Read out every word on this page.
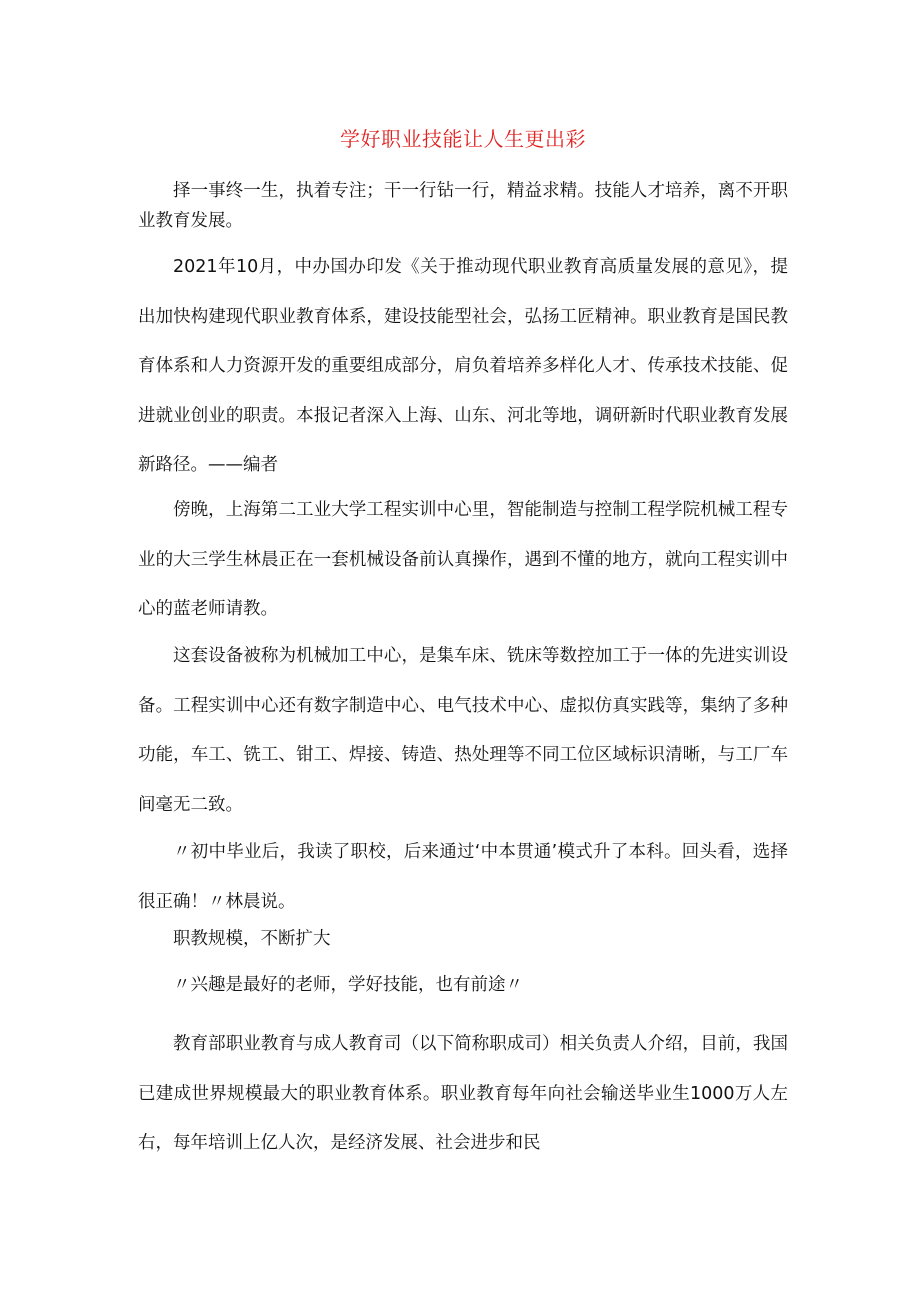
学好职业技能让人生更出彩

择一事终一生，执着专注；干一行钻一行，精益求精。技能人才培养，离不开职业教育发展。

2021年10月，中办国办印发《关于推动现代职业教育高质量发展的意见》，提出加快构建现代职业教育体系，建设技能型社会，弘扬工匠精神。职业教育是国民教育体系和人力资源开发的重要组成部分，肩负着培养多样化人才、传承技术技能、促进就业创业的职责。本报记者深入上海、山东、河北等地，调研新时代职业教育发展新路径。——编者

傍晚，上海第二工业大学工程实训中心里，智能制造与控制工程学院机械工程专业的大三学生林晨正在一套机械设备前认真操作，遇到不懂的地方，就向工程实训中心的蓝老师请教。

这套设备被称为机械加工中心，是集车床、铣床等数控加工于一体的先进实训设备。工程实训中心还有数字制造中心、电气技术中心、虚拟仿真实践等，集纳了多种功能，车工、铣工、钳工、焊接、铸造、热处理等不同工位区域标识清晰，与工厂车间毫无二致。

〃初中毕业后，我读了职校，后来通过‘中本贯通’模式升了本科。回头看，选择很正确！〃林晨说。

职教规模，不断扩大

〃兴趣是最好的老师，学好技能，也有前途〃

教育部职业教育与成人教育司（以下简称职成司）相关负责人介绍，目前，我国已建成世界规模最大的职业教育体系。职业教育每年向社会输送毕业生1000万人左右，每年培训上亿人次，是经济发展、社会进步和民
